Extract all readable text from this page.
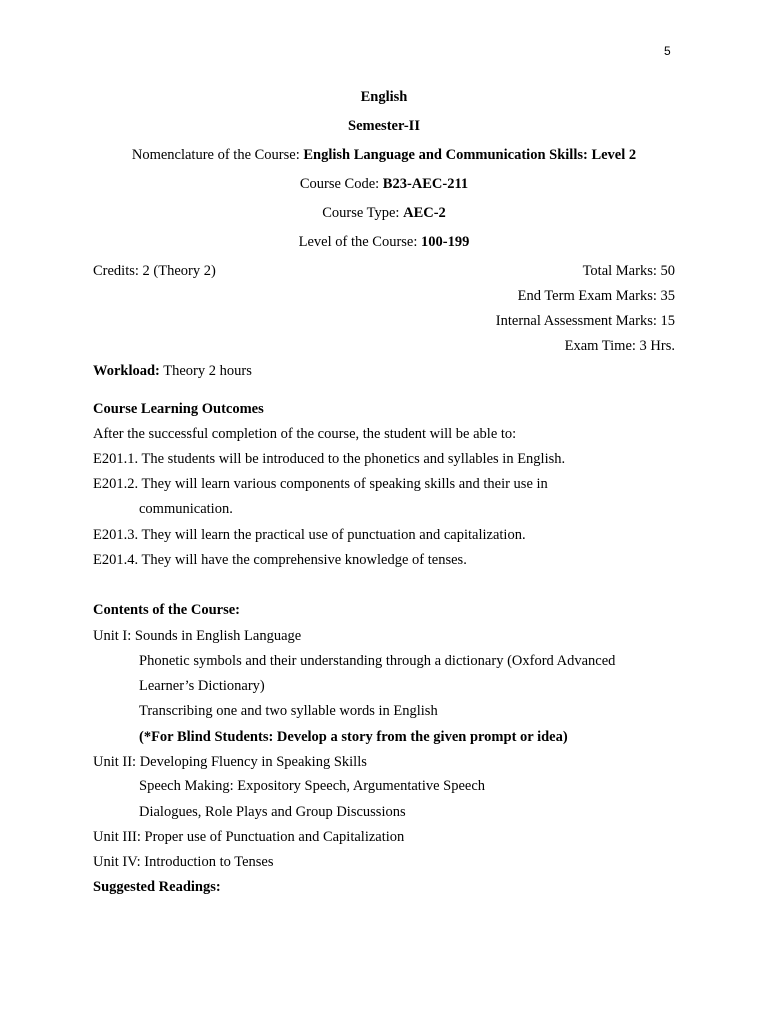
5
English
Semester-II
Nomenclature of the Course: English Language and Communication Skills: Level 2
Course Code: B23-AEC-211
Course Type: AEC-2
Level of the Course: 100-199
Credits: 2 (Theory 2)	Total Marks: 50
End Term Exam Marks: 35
Internal Assessment Marks: 15
Exam Time: 3 Hrs.
Workload: Theory 2 hours
Course Learning Outcomes
After the successful completion of the course, the student will be able to:
E201.1. The students will be introduced to the phonetics and syllables in English.
E201.2. They will learn various components of speaking skills and their use in
communication.
E201.3. They will learn the practical use of punctuation and capitalization.
E201.4. They will have the comprehensive knowledge of tenses.
Contents of the Course:
Unit I: Sounds in English Language
Phonetic symbols and their understanding through a dictionary (Oxford Advanced
Learner’s Dictionary)
Transcribing one and two syllable words in English
(*For Blind Students: Develop a story from the given prompt or idea)
Unit II: Developing Fluency in Speaking Skills
Speech Making: Expository Speech, Argumentative Speech
Dialogues, Role Plays and Group Discussions
Unit III: Proper use of Punctuation and Capitalization
Unit IV: Introduction to Tenses
Suggested Readings:
